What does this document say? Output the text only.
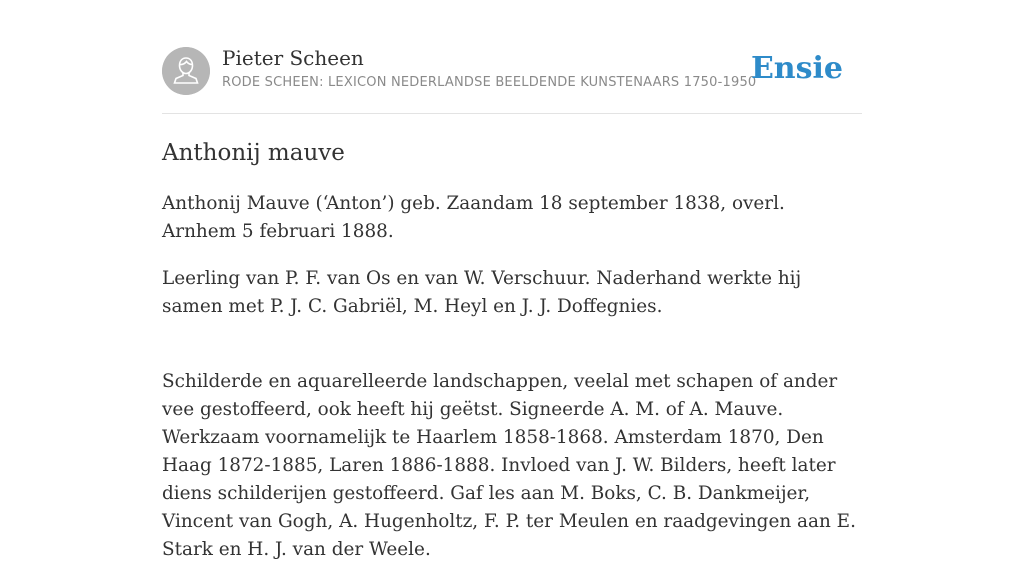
Pieter Scheen
RODE SCHEEN: LEXICON NEDERLANDSE BEELDENDE KUNSTENAARS 1750-1950
Ensie
Anthonij mauve

Anthonij Mauve (‘Anton’) geb. Zaandam 18 september 1838, overl. Arnhem 5 februari 1888.

Leerling van P. F. van Os en van W. Verschuur. Naderhand werkte hij samen met P. J. C. Gabriël, M. Heyl en J. J. Doffegnies.

Schilderde en aquarelleerde landschappen, veelal met schapen of ander vee gestoffeerd, ook heeft hij geëtst. Signeerde A. M. of A. Mauve. Werkzaam voornamelijk te Haarlem 1858-1868. Amsterdam 1870, Den Haag 1872-1885, Laren 1886-1888. Invloed van J. W. Bilders, heeft later diens schilderijen gestoffeerd. Gaf les aan M. Boks, C. B. Dankmeijer, Vincent van Gogh, A. Hugenholtz, F. P. ter Meulen en raadgevingen aan E. Stark en H. J. van der Weele.
